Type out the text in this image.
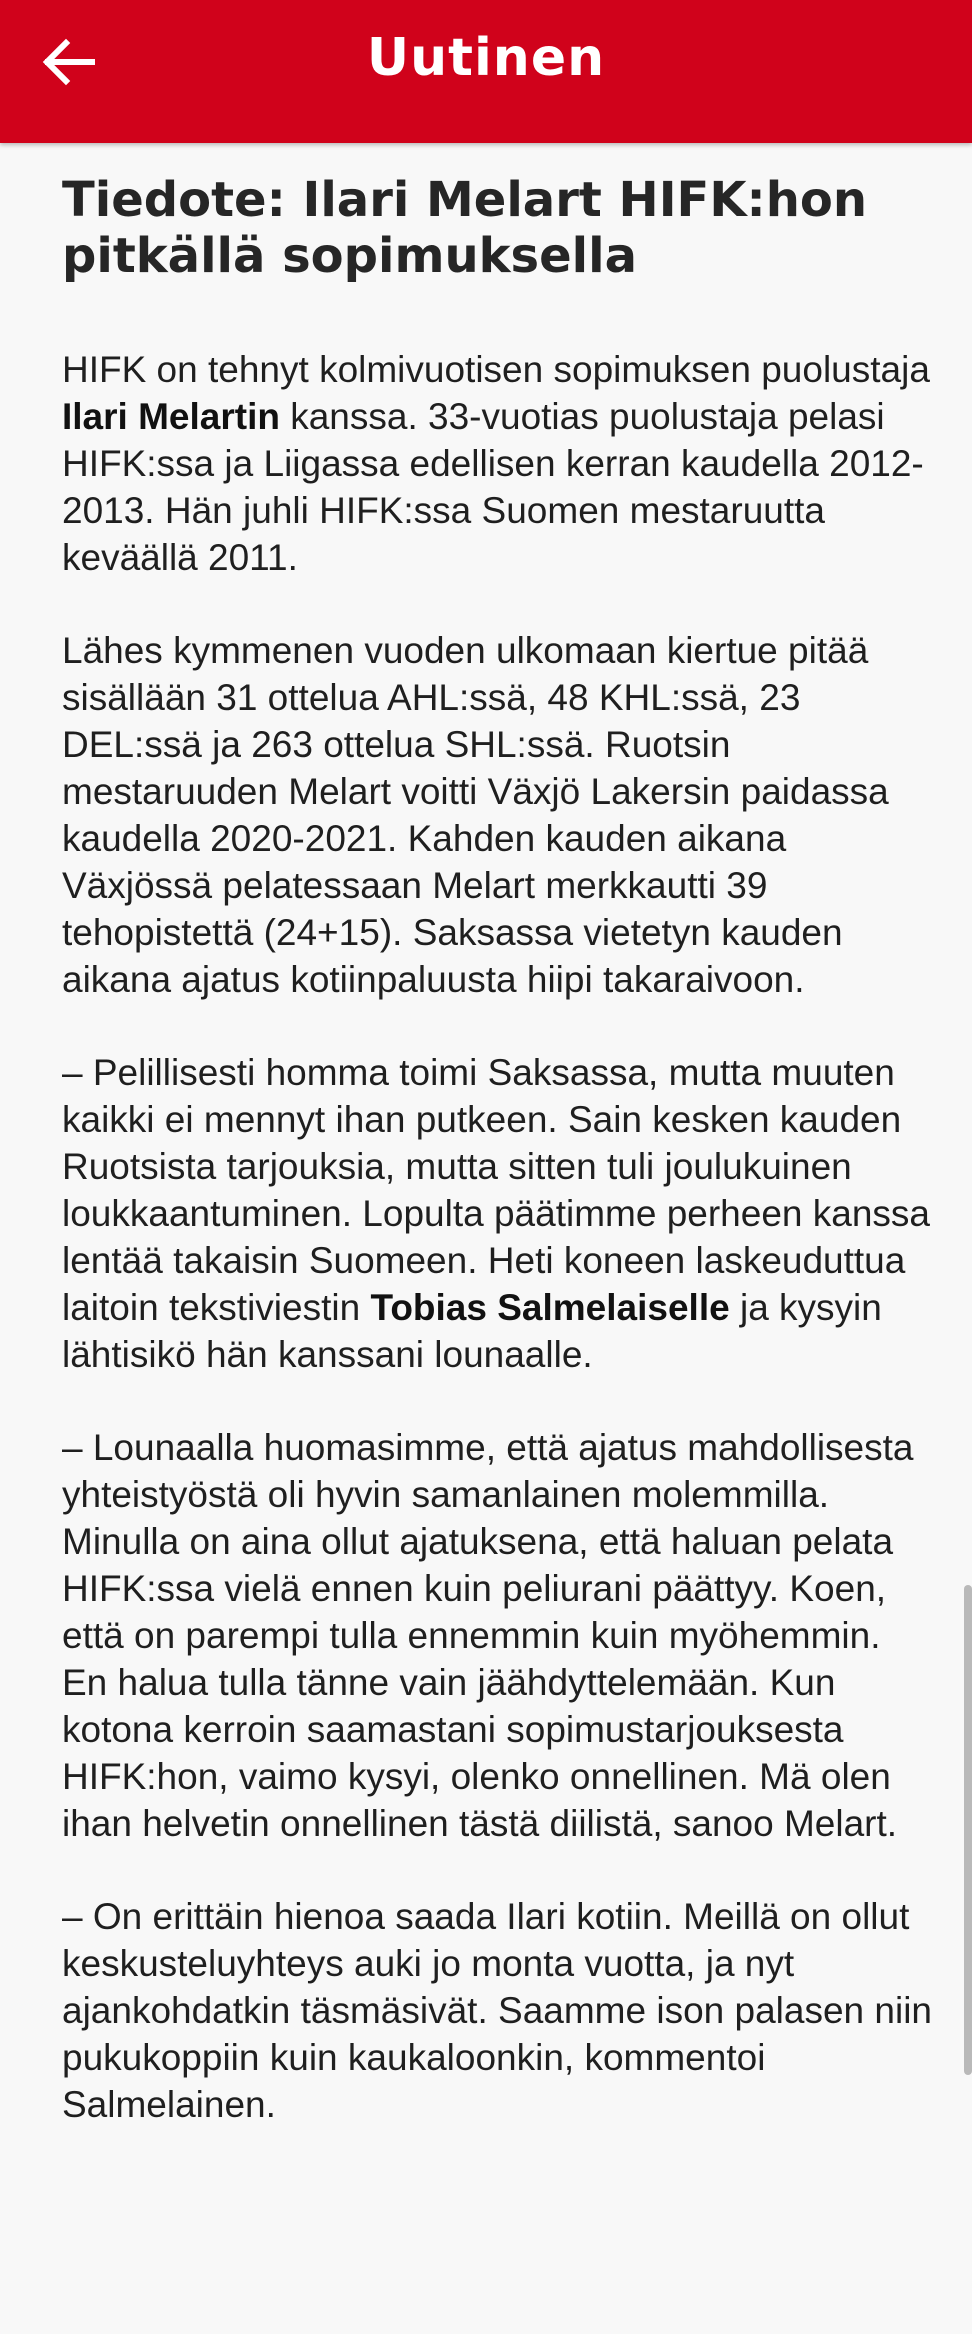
Uutinen
Tiedote: Ilari Melart HIFK:hon pitkällä sopimuksella

HIFK on tehnyt kolmivuotisen sopimuksen puolustaja Ilari Melartin kanssa. 33-vuotias puolustaja pelasi HIFK:ssa ja Liigassa edellisen kerran kaudella 2012-2013. Hän juhli HIFK:ssa Suomen mestaruutta keväällä 2011.

Lähes kymmenen vuoden ulkomaan kiertue pitää sisällään 31 ottelua AHL:ssä, 48 KHL:ssä, 23 DEL:ssä ja 263 ottelua SHL:ssä. Ruotsin mestaruuden Melart voitti Växjö Lakersin paidassa kaudella 2020-2021. Kahden kauden aikana Växjössä pelatessaan Melart merkkautti 39 tehopistettä (24+15). Saksassa vietetyn kauden aikana ajatus kotiinpaluusta hiipi takaraivoon.

– Pelillisesti homma toimi Saksassa, mutta muuten kaikki ei mennyt ihan putkeen. Sain kesken kauden Ruotsista tarjouksia, mutta sitten tuli joulukuinen loukkaantuminen. Lopulta päätimme perheen kanssa lentää takaisin Suomeen. Heti koneen laskeuduttua laitoin tekstiviestin Tobias Salmelaiselle ja kysyin lähtisikö hän kanssani lounaalle.

– Lounaalla huomasimme, että ajatus mahdollisesta yhteistyöstä oli hyvin samanlainen molemmilla. Minulla on aina ollut ajatuksena, että haluan pelata HIFK:ssa vielä ennen kuin peliurani päättyy. Koen, että on parempi tulla ennemmin kuin myöhemmin. En halua tulla tänne vain jäähdyttelemään. Kun kotona kerroin saamastani sopimustarjouksesta HIFK:hon, vaimo kysyi, olenko onnellinen. Mä olen ihan helvetin onnellinen tästä diilistä, sanoo Melart.

– On erittäin hienoa saada Ilari kotiin. Meillä on ollut keskusteluyhteys auki jo monta vuotta, ja nyt ajankohdatkin täsmäsivät. Saamme ison palasen niin pukukoppiin kuin kaukaloonkin, kommentoi Salmelainen.
